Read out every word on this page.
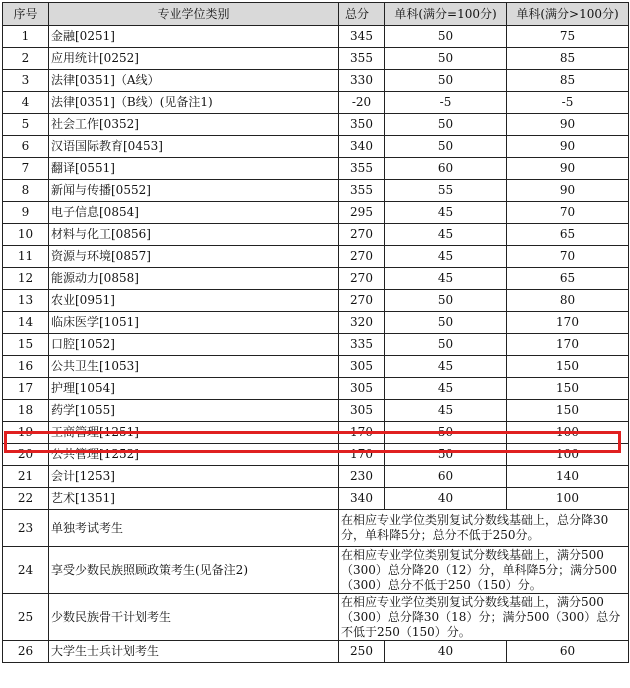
序号	专业学位类别	总分	单科(满分=100分)	单科(满分>100分)
1	金融[0251]	345	50	75
2	应用统计[0252]	355	50	85
3	法律[0351]（A线）	330	50	85
4	法律[0351]（B线）(见备注1)	-20	-5	-5
5	社会工作[0352]	350	50	90
6	汉语国际教育[0453]	340	50	90
7	翻译[0551]	355	60	90
8	新闻与传播[0552]	355	55	90
9	电子信息[0854]	295	45	70
10	材料与化工[0856]	270	45	65
11	资源与环境[0857]	270	45	70
12	能源动力[0858]	270	45	65
13	农业[0951]	270	50	80
14	临床医学[1051]	320	50	170
15	口腔[1052]	335	50	170
16	公共卫生[1053]	305	45	150
17	护理[1054]	305	45	150
18	药学[1055]	305	45	150
19	工商管理[1251]	170	50	100
20	公共管理[1252]	170	50	100
21	会计[1253]	230	60	140
22	艺术[1351]	340	40	100
23	单独考试考生	在相应专业学位类别复试分数线基础上，总分降30分，单科降5分；总分不低于250分。		
24	享受少数民族照顾政策考生(见备注2)	在相应专业学位类别复试分数线基础上，满分500（300）总分降20（12）分，单科降5分；满分500（300）总分不低于250（150）分。		
25	少数民族骨干计划考生	在相应专业学位类别复试分数线基础上，满分500（300）总分降30（18）分；满分500（300）总分不低于250（150）分。		
26	大学生士兵计划考生	250	40	60
